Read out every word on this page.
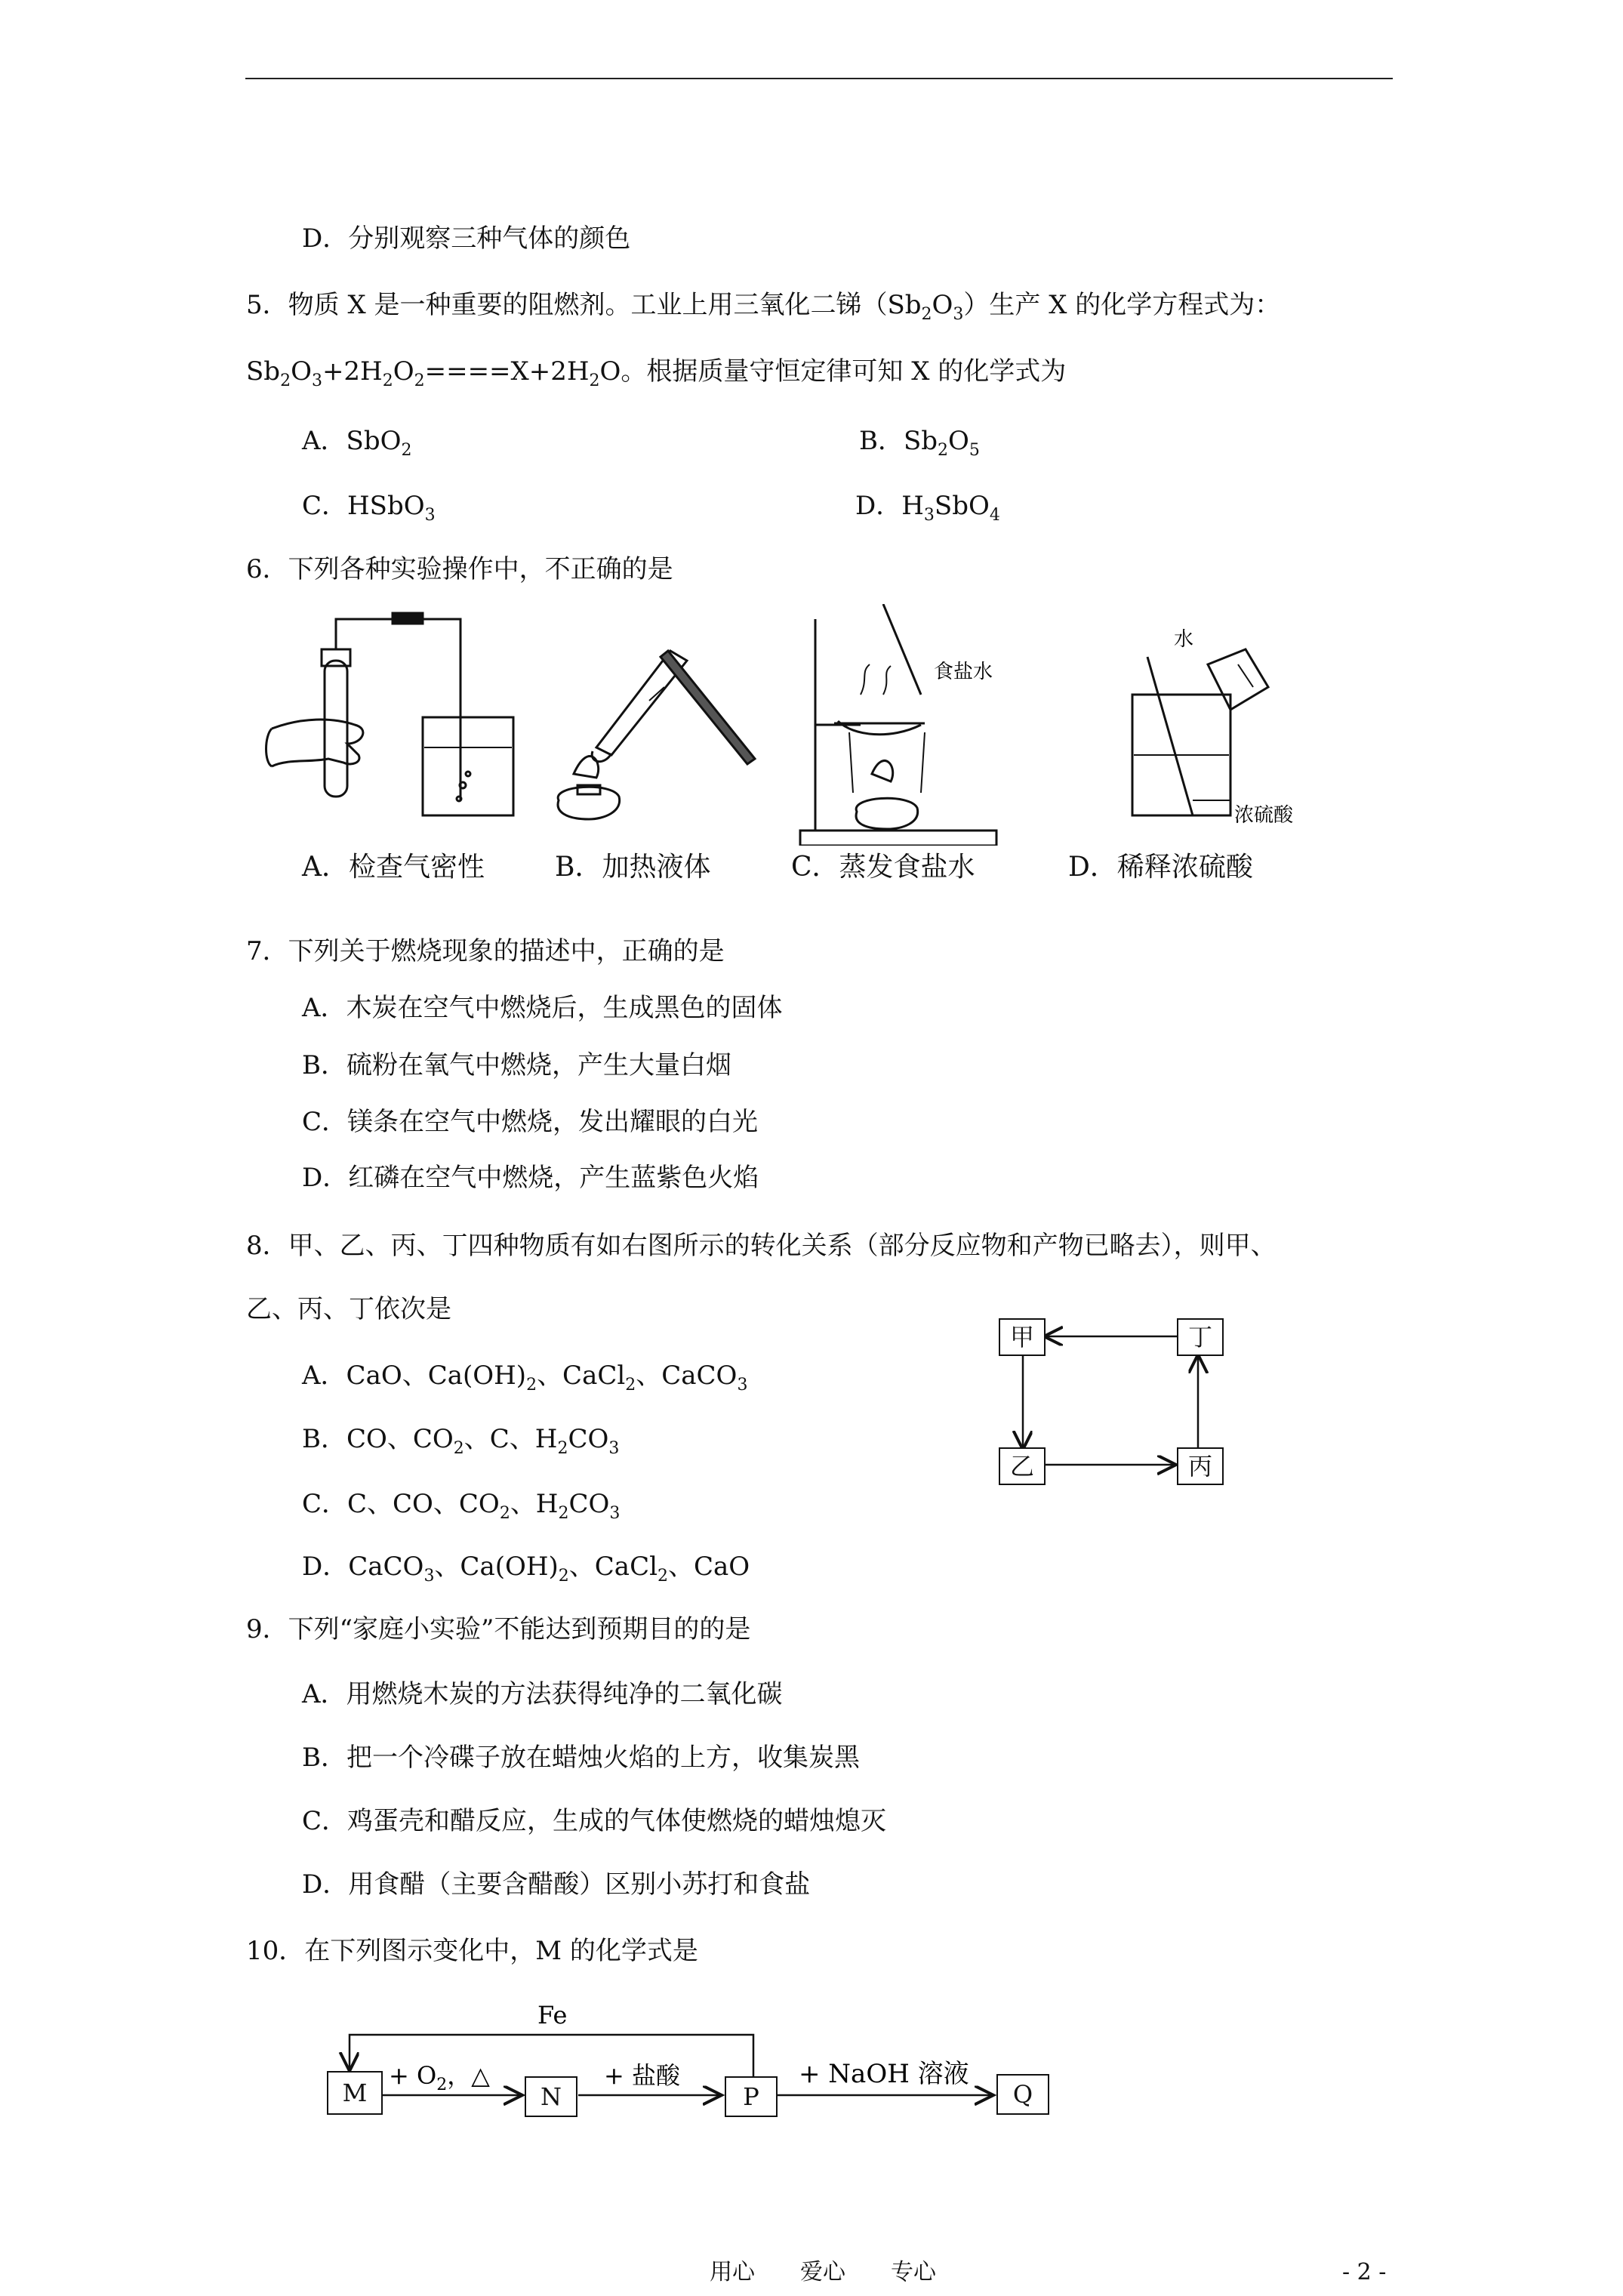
D．分别观察三种气体的颜色
5．物质 X 是一种重要的阻燃剂。工业上用三氧化二锑$(Sb_2O_3)$生产 X 的化学方程式为：
$Sb_2O_3+2H_2O_2====X+2H_2O$。根据质量守恒定律可知 X 的化学式为
A．SbO$_2$	B．$Sb_2O_5$
C．HSbO$_3$	D．$H_3SbO_4$
6．下列各种实验操作中，不正确的是
食盐水
水
浓硫酸
A．检查气密性	B．加热液体	C．蒸发食盐水	D．稀释浓硫酸
7．下列关于燃烧现象的描述中，正确的是
A．木炭在空气中燃烧后，生成黑色的固体
B．硫粉在氧气中燃烧，产生大量白烟
C．镁条在空气中燃烧，发出耀眼的白光
D．红磷在空气中燃烧，产生蓝紫色火焰
8．甲、乙、丙、丁四种物质有如右图所示的转化关系（部分反应物和产物已略去），则甲、
乙、丙、丁依次是
A．CaO、$Ca(OH)_2$、CaCl$_2$、CaCO$_3$
B．CO、$CO_2$、C、$H_2CO_3$
C．C、CO、$CO_2$、$H_2CO_3$
D．CaCO$_3$、$Ca(OH)_2$、CaCl$_2$、CaO
甲	丁
乙	丙
9．下列“家庭小实验”不能达到预期目的的是
A．用燃烧木炭的方法获得纯净的二氧化碳
B．把一个冷碟子放在蜡烛火焰的上方，收集炭黑
C．鸡蛋壳和醋反应，生成的气体使燃烧的蜡烛熄灭
D．用食醋（主要含醋酸）区别小苏打和食盐
10．在下列图示变化中，M 的化学式是
Fe
+ $O_2$，△	+ 盐酸	+ NaOH 溶液
M	N	P	Q
用心　　爱心　　专心	- 2 -
